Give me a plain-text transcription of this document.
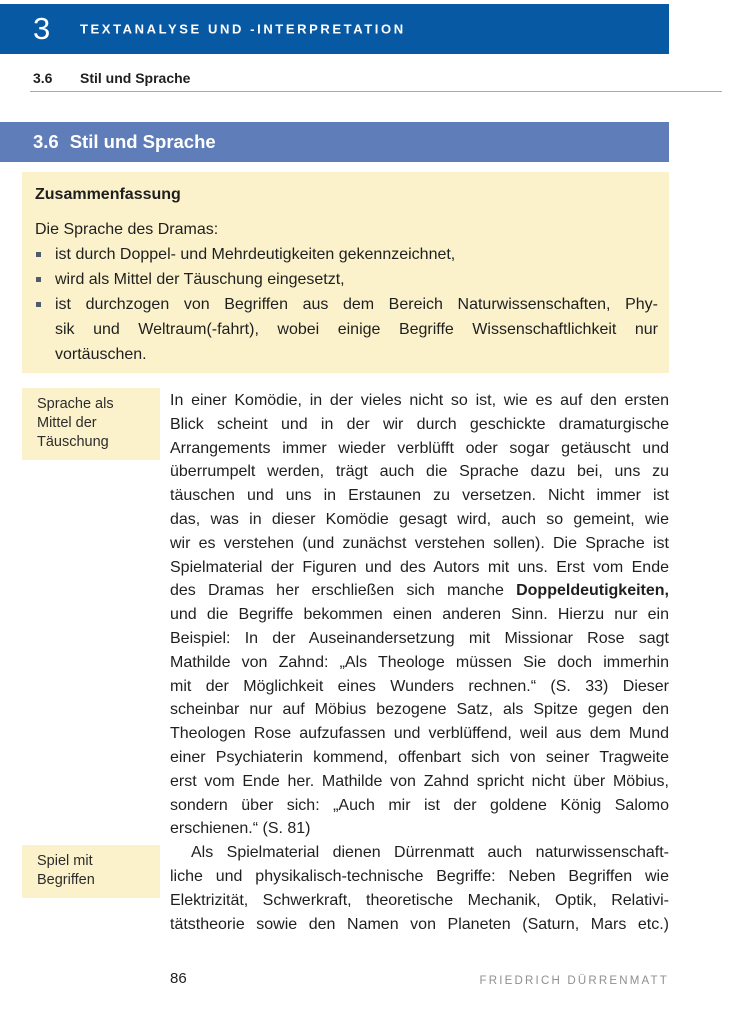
3 TEXTANALYSE UND -INTERPRETATION
3.6 Stil und Sprache
3.6 Stil und Sprache
Zusammenfassung

Die Sprache des Dramas:

ist durch Doppel- und Mehrdeutigkeiten gekennzeichnet,
wird als Mittel der Täuschung eingesetzt,
ist durchzogen von Begriffen aus dem Bereich Naturwissenschaften, Phy-
sik und Weltraum(-fahrt), wobei einige Begriffe Wissenschaftlichkeit nur
vortäuschen.
Sprache als
Mittel der
Täuschung
Spiel mit
Begriffen
In einer Komödie, in der vieles nicht so ist, wie es auf den ersten
Blick scheint und in der wir durch geschickte dramaturgische
Arrangements immer wieder verblüfft oder sogar getäuscht und
überrumpelt werden, trägt auch die Sprache dazu bei, uns zu
täuschen und uns in Erstaunen zu versetzen. Nicht immer ist
das, was in dieser Komödie gesagt wird, auch so gemeint, wie
wir es verstehen (und zunächst verstehen sollen). Die Sprache ist
Spielmaterial der Figuren und des Autors mit uns. Erst vom Ende
des Dramas her erschließen sich manche Doppeldeutigkeiten,
und die Begriffe bekommen einen anderen Sinn. Hierzu nur ein
Beispiel: In der Auseinandersetzung mit Missionar Rose sagt
Mathilde von Zahnd: „Als Theologe müssen Sie doch immerhin
mit der Möglichkeit eines Wunders rechnen.“ (S. 33) Dieser
scheinbar nur auf Möbius bezogene Satz, als Spitze gegen den
Theologen Rose aufzufassen und verblüffend, weil aus dem Mund
einer Psychiaterin kommend, offenbart sich von seiner Tragweite
erst vom Ende her. Mathilde von Zahnd spricht nicht über Möbius,
sondern über sich: „Auch mir ist der goldene König Salomo
erschienen.“ (S. 81)
Als Spielmaterial dienen Dürrenmatt auch naturwissenschaft-
liche und physikalisch-technische Begriffe: Neben Begriffen wie
Elektrizität, Schwerkraft, theoretische Mechanik, Optik, Relativi-
tätstheorie sowie den Namen von Planeten (Saturn, Mars etc.)
86	FRIEDRICH DÜRRENMATT
